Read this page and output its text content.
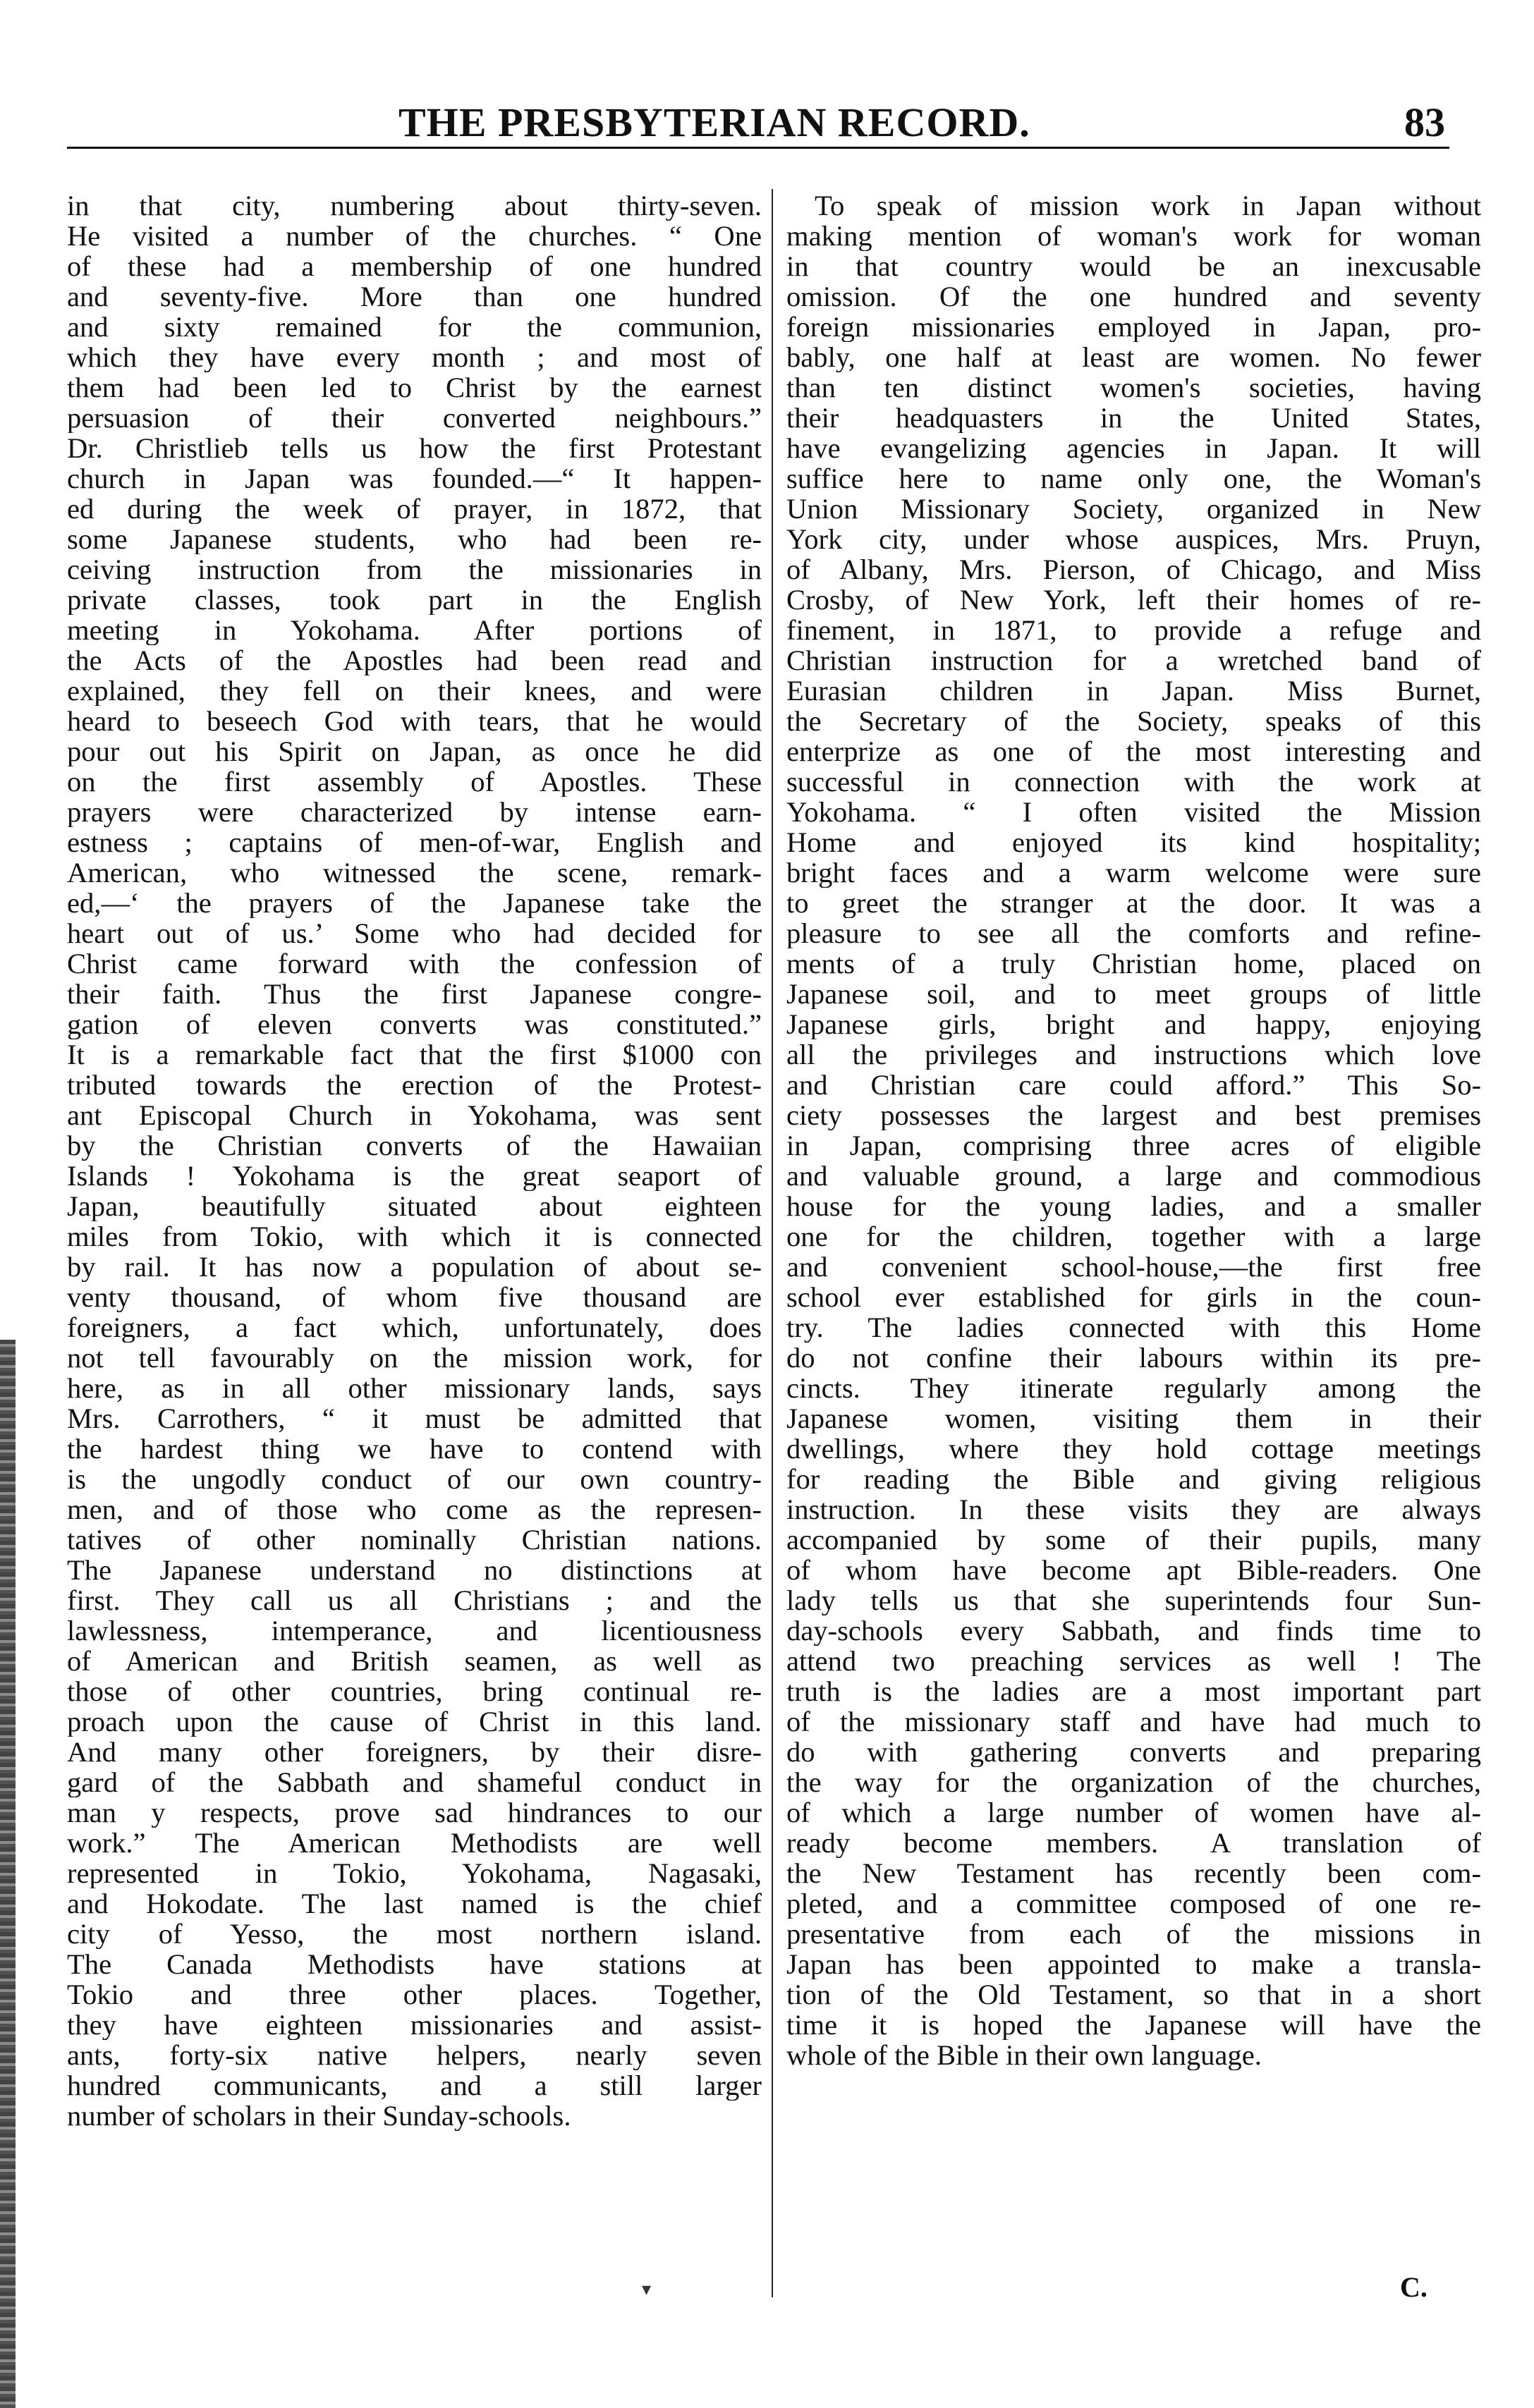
THE PRESBYTERIAN RECORD.	83
in that city, numbering about thirty-seven.
He visited a number of the churches. “ One
of these had a membership of one hundred
and seventy-five. More than one hundred
and sixty remained for the communion,
which they have every month ; and most of
them had been led to Christ by the earnest
persuasion of their converted neighbours.”
Dr. Christlieb tells us how the first Protestant
church in Japan was founded.—“ It happen-
ed during the week of prayer, in 1872, that
some Japanese students, who had been re-
ceiving instruction from the missionaries in
private classes, took part in the English
meeting in Yokohama. After portions of
the Acts of the Apostles had been read and
explained, they fell on their knees, and were
heard to beseech God with tears, that he would
pour out his Spirit on Japan, as once he did
on the first assembly of Apostles. These
prayers were characterized by intense earn-
estness ; captains of men-of-war, English and
American, who witnessed the scene, remark-
ed,—‘ the prayers of the Japanese take the
heart out of us.’ Some who had decided for
Christ came forward with the confession of
their faith. Thus the first Japanese congre-
gation of eleven converts was constituted.”
It is a remarkable fact that the first $1000 con
tributed towards the erection of the Protest-
ant Episcopal Church in Yokohama, was sent
by the Christian converts of the Hawaiian
Islands ! Yokohama is the great seaport of
Japan, beautifully situated about eighteen
miles from Tokio, with which it is connected
by rail. It has now a population of about se-
venty thousand, of whom five thousand are
foreigners, a fact which, unfortunately, does
not tell favourably on the mission work, for
here, as in all other missionary lands, says
Mrs. Carrothers, “ it must be admitted that
the hardest thing we have to contend with
is the ungodly conduct of our own country-
men, and of those who come as the represen-
tatives of other nominally Christian nations.
The Japanese understand no distinctions at
first. They call us all Christians ; and the
lawlessness, intemperance, and licentiousness
of American and British seamen, as well as
those of other countries, bring continual re-
proach upon the cause of Christ in this land.
And many other foreigners, by their disre-
gard of the Sabbath and shameful conduct in
man y respects, prove sad hindrances to our
work.” The American Methodists are well
represented in Tokio, Yokohama, Nagasaki,
and Hokodate. The last named is the chief
city of Yesso, the most northern island.
The Canada Methodists have stations at
Tokio and three other places. Together,
they have eighteen missionaries and assist-
ants, forty-six native helpers, nearly seven
hundred communicants, and a still larger
number of scholars in their Sunday-schools.
To speak of mission work in Japan without
making mention of woman's work for woman
in that country would be an inexcusable
omission. Of the one hundred and seventy
foreign missionaries employed in Japan, pro-
bably, one half at least are women. No fewer
than ten distinct women's societies, having
their headquasters in the United States,
have evangelizing agencies in Japan. It will
suffice here to name only one, the Woman's
Union Missionary Society, organized in New
York city, under whose auspices, Mrs. Pruyn,
of Albany, Mrs. Pierson, of Chicago, and Miss
Crosby, of New York, left their homes of re-
finement, in 1871, to provide a refuge and
Christian instruction for a wretched band of
Eurasian children in Japan. Miss Burnet,
the Secretary of the Society, speaks of this
enterprize as one of the most interesting and
successful in connection with the work at
Yokohama. “ I often visited the Mission
Home and enjoyed its kind hospitality;
bright faces and a warm welcome were sure
to greet the stranger at the door. It was a
pleasure to see all the comforts and refine-
ments of a truly Christian home, placed on
Japanese soil, and to meet groups of little
Japanese girls, bright and happy, enjoying
all the privileges and instructions which love
and Christian care could afford.” This So-
ciety possesses the largest and best premises
in Japan, comprising three acres of eligible
and valuable ground, a large and commodious
house for the young ladies, and a smaller
one for the children, together with a large
and convenient school-house,—the first free
school ever established for girls in the coun-
try. The ladies connected with this Home
do not confine their labours within its pre-
cincts. They itinerate regularly among the
Japanese women, visiting them in their
dwellings, where they hold cottage meetings
for reading the Bible and giving religious
instruction. In these visits they are always
accompanied by some of their pupils, many
of whom have become apt Bible-readers. One
lady tells us that she superintends four Sun-
day-schools every Sabbath, and finds time to
attend two preaching services as well ! The
truth is the ladies are a most important part
of the missionary staff and have had much to
do with gathering converts and preparing
the way for the organization of the churches,
of which a large number of women have al-
ready become members. A translation of
the New Testament has recently been com-
pleted, and a committee composed of one re-
presentative from each of the missions in
Japan has been appointed to make a transla-
tion of the Old Testament, so that in a short
time it is hoped the Japanese will have the
whole of the Bible in their own language.
C.
▾
